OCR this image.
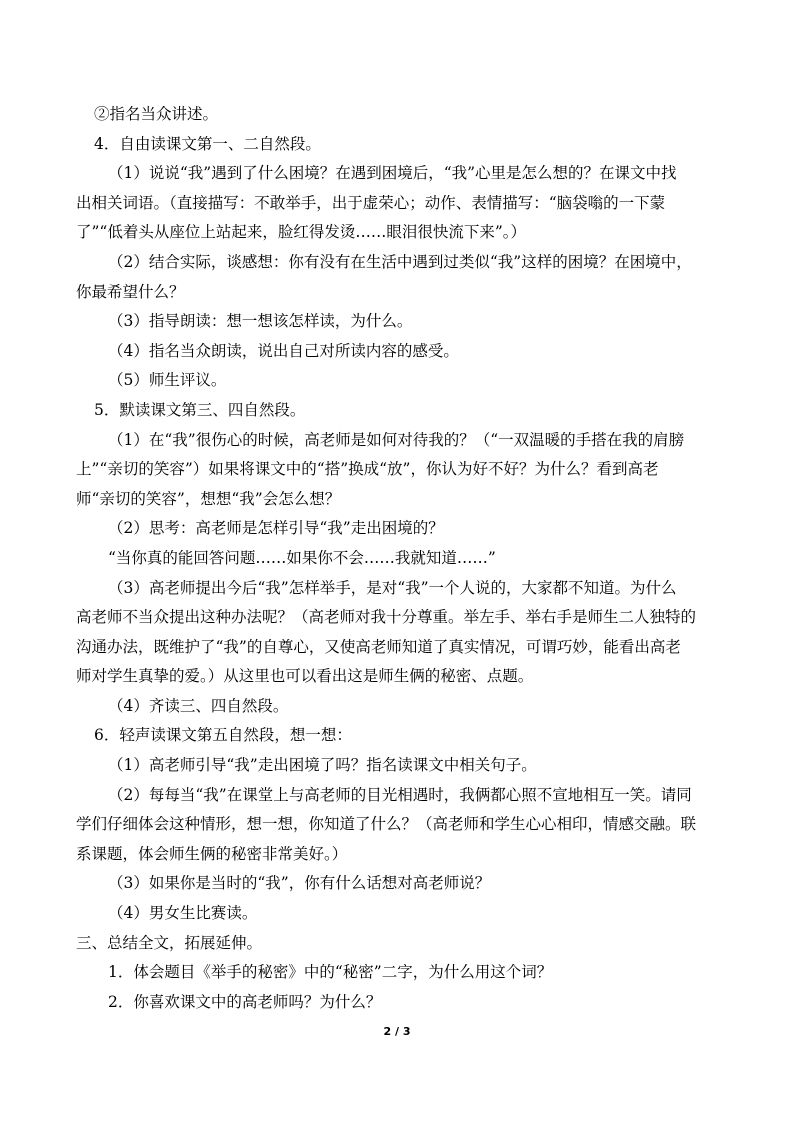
②指名当众讲述。
4．自由读课文第一、二自然段。
（1）说说“我”遇到了什么困境？在遇到困境后，“我”心里是怎么想的？在课文中找
出相关词语。（直接描写：不敢举手，出于虚荣心；动作、表情描写：“脑袋嗡的一下蒙
了”“低着头从座位上站起来，脸红得发烫……眼泪很快流下来”。）
（2）结合实际，谈感想：你有没有在生活中遇到过类似“我”这样的困境？在困境中，
你最希望什么？
（3）指导朗读：想一想该怎样读，为什么。
（4）指名当众朗读，说出自己对所读内容的感受。
（5）师生评议。
5．默读课文第三、四自然段。
（1）在“我”很伤心的时候，高老师是如何对待我的？（“一双温暖的手搭在我的肩膀
上”“亲切的笑容”）如果将课文中的“搭”换成“放”，你认为好不好？为什么？看到高老
师“亲切的笑容”，想想“我”会怎么想？
（2）思考：高老师是怎样引导“我”走出困境的？
“当你真的能回答问题……如果你不会……我就知道……”
（3）高老师提出今后“我”怎样举手，是对“我”一个人说的，大家都不知道。为什么
高老师不当众提出这种办法呢？（高老师对我十分尊重。举左手、举右手是师生二人独特的
沟通办法，既维护了“我”的自尊心，又使高老师知道了真实情况，可谓巧妙，能看出高老
师对学生真挚的爱。）从这里也可以看出这是师生俩的秘密、点题。
（4）齐读三、四自然段。
6．轻声读课文第五自然段，想一想：
（1）高老师引导“我”走出困境了吗？指名读课文中相关句子。
（2）每每当“我”在课堂上与高老师的目光相遇时，我俩都心照不宣地相互一笑。请同
学们仔细体会这种情形，想一想，你知道了什么？（高老师和学生心心相印，情感交融。联
系课题，体会师生俩的秘密非常美好。）
（3）如果你是当时的“我”，你有什么话想对高老师说？
（4）男女生比赛读。
三、总结全文，拓展延伸。
1．体会题目《举手的秘密》中的“秘密”二字，为什么用这个词？
2．你喜欢课文中的高老师吗？为什么？
2 / 3
